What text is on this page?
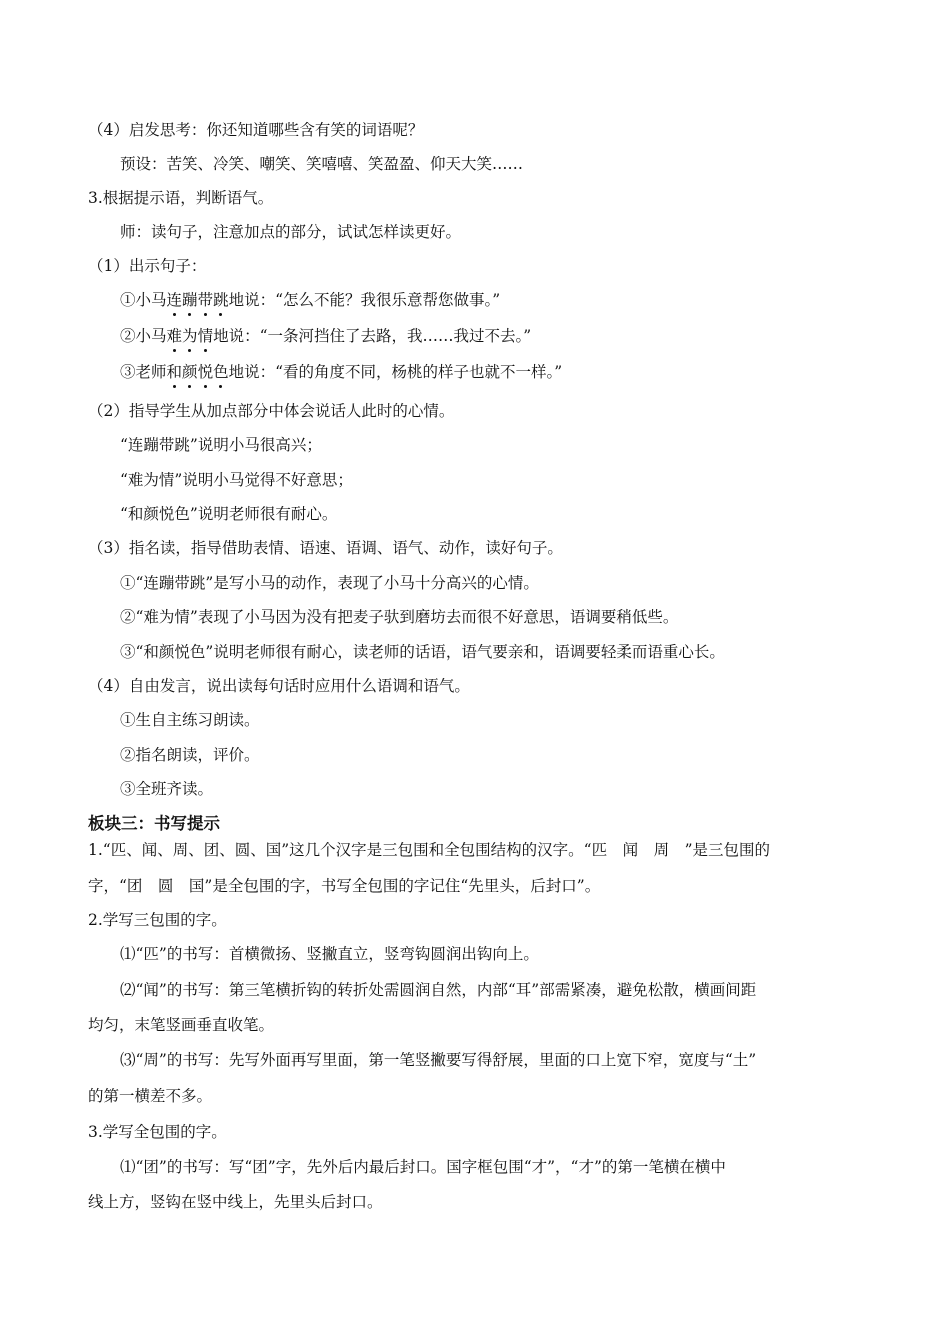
（4）启发思考：你还知道哪些含有笑的词语呢？
预设：苦笑、冷笑、嘲笑、笑嘻嘻、笑盈盈、仰天大笑……
3.根据提示语，判断语气。
师：读句子，注意加点的部分，试试怎样读更好。
（1）出示句子：
①小马连蹦带跳地说：“怎么不能？我很乐意帮您做事。”
②小马难为情地说：“一条河挡住了去路，我……我过不去。”
③老师和颜悦色地说：“看的角度不同，杨桃的样子也就不一样。”
（2）指导学生从加点部分中体会说话人此时的心情。
“连蹦带跳”说明小马很高兴；
“难为情”说明小马觉得不好意思；
“和颜悦色”说明老师很有耐心。
（3）指名读，指导借助表情、语速、语调、语气、动作，读好句子。
①“连蹦带跳”是写小马的动作，表现了小马十分高兴的心情。
②“难为情”表现了小马因为没有把麦子驮到磨坊去而很不好意思，语调要稍低些。
③“和颜悦色”说明老师很有耐心，读老师的话语，语气要亲和，语调要轻柔而语重心长。
（4）自由发言，说出读每句话时应用什么语调和语气。
①生自主练习朗读。
②指名朗读，评价。
③全班齐读。
板块三：书写提示
1.“匹、闻、周、团、圆、国”这几个汉字是三包围和全包围结构的汉字。“匹　闻　周　”是三包围的
字，“团　圆　国”是全包围的字，书写全包围的字记住“先里头，后封口”。
2.学写三包围的字。
⑴“匹”的书写：首横微扬、竖撇直立，竖弯钩圆润出钩向上。
⑵“闻”的书写：第三笔横折钩的转折处需圆润自然，内部“耳”部需紧凑，避免松散，横画间距
均匀，末笔竖画垂直收笔。
⑶“周”的书写：先写外面再写里面，第一笔竖撇要写得舒展，里面的口上宽下窄，宽度与“土”
的第一横差不多。
3.学写全包围的字。
⑴“团”的书写：写“团”字，先外后内最后封口。国字框包围“才”，“才”的第一笔横在横中
线上方，竖钩在竖中线上，先里头后封口。
